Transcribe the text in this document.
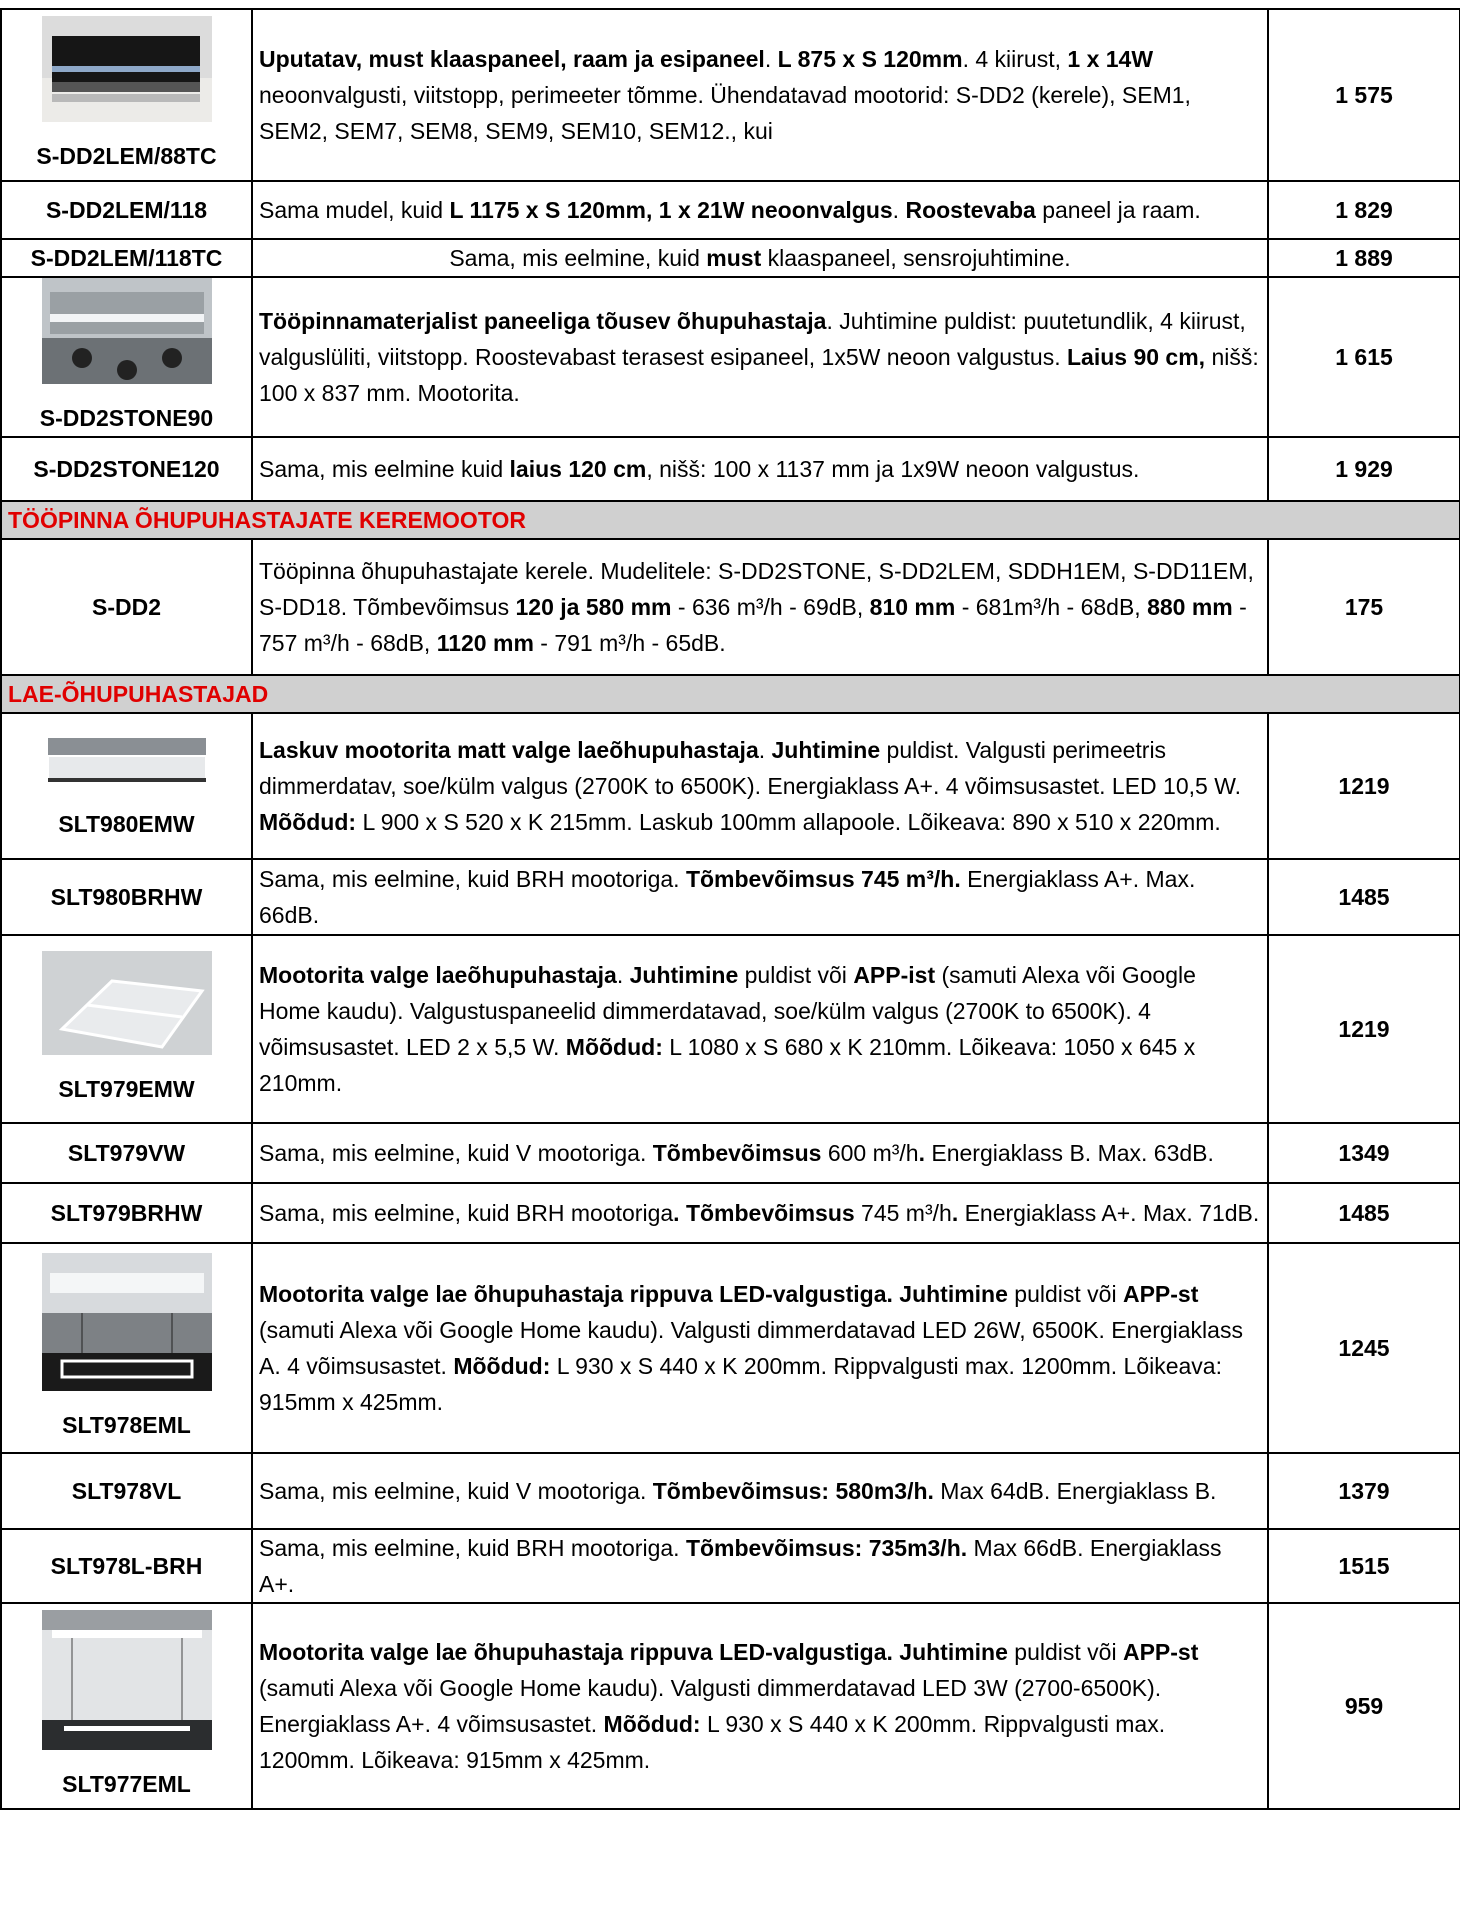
S-DD2LEM/88TC	Uputatav, must klaaspaneel, raam ja esipaneel. L 875 x S 120mm. 4 kiirust, 1 x 14W neoonvalgusti, viitstopp, perimeeter tõmme. Ühendatavad mootorid: S-DD2 (kerele), SEM1, SEM2, SEM7, SEM8, SEM9, SEM10, SEM12., kui	1 575
S-DD2LEM/118	Sama mudel, kuid L 1175 x S 120mm, 1 x 21W neoonvalgus. Roostevaba paneel ja raam.	1 829
S-DD2LEM/118TC	Sama, mis eelmine, kuid must klaaspaneel, sensrojuhtimine.	1 889

S-DD2STONE90	Tööpinnamaterjalist paneeliga tõusev õhupuhastaja. Juhtimine puldist: puutetundlik, 4 kiirust, valguslüliti, viitstopp. Roostevabast terasest esipaneel, 1x5W neoon valgustus. Laius 90 cm, nišš: 100 x 837 mm. Mootorita.	1 615
S-DD2STONE120	Sama, mis eelmine kuid laius 120 cm, nišš: 100 x 1137 mm ja 1x9W neoon valgustus.	1 929
TÖÖPINNA ÕHUPUHASTAJATE KEREMOOTOR		
S-DD2	Tööpinna õhupuhastajate kerele. Mudelitele: S-DD2STONE, S-DD2LEM, SDDH1EM, S-DD11EM, S-DD18. Tõmbevõimsus 120 ja 580 mm - 636 m³/h - 69dB, 810 mm - 681m³/h - 68dB, 880 mm - 757 m³/h - 68dB, 1120 mm - 791 m³/h - 65dB.	175
LAE-ÕHUPUHASTAJAD		

SLT980EMW	Laskuv mootorita matt valge laeõhupuhastaja. Juhtimine puldist. Valgusti perimeetris dimmerdatav, soe/külm valgus (2700K to 6500K). Energiaklass A+. 4 võimsusastet. LED 10,5 W. Mõõdud: L 900 x S 520 x K 215mm. Laskub 100mm allapoole. Lõikeava: 890 x 510 x 220mm.	1219
SLT980BRHW	Sama, mis eelmine, kuid BRH mootoriga. Tõmbevõimsus 745 m³/h. Energiaklass A+. Max. 66dB.	1485

SLT979EMW	Mootorita valge laeõhupuhastaja. Juhtimine puldist või APP-ist (samuti Alexa või Google Home kaudu). Valgustuspaneelid dimmerdatavad, soe/külm valgus (2700K to 6500K). 4 võimsusastet. LED 2 x 5,5 W. Mõõdud: L 1080 x S 680 x K 210mm. Lõikeava: 1050 x 645 x 210mm.	1219
SLT979VW	Sama, mis eelmine, kuid V mootoriga. Tõmbevõimsus 600 m³/h. Energiaklass B. Max. 63dB.	1349
SLT979BRHW	Sama, mis eelmine, kuid BRH mootoriga. Tõmbevõimsus 745 m³/h. Energiaklass A+. Max. 71dB.	1485

SLT978EML	Mootorita valge lae õhupuhastaja rippuva LED-valgustiga. Juhtimine puldist või APP-st (samuti Alexa või Google Home kaudu). Valgusti dimmerdatavad LED 26W, 6500K. Energiaklass A. 4 võimsusastet. Mõõdud: L 930 x S 440 x K 200mm. Rippvalgusti max. 1200mm. Lõikeava: 915mm x 425mm.	1245
SLT978VL	Sama, mis eelmine, kuid V mootoriga. Tõmbevõimsus: 580m3/h. Max 64dB. Energiaklass B.	1379
SLT978L-BRH	Sama, mis eelmine, kuid BRH mootoriga. Tõmbevõimsus: 735m3/h. Max 66dB. Energiaklass A+.	1515

SLT977EML	Mootorita valge lae õhupuhastaja rippuva LED-valgustiga. Juhtimine puldist või APP-st (samuti Alexa või Google Home kaudu). Valgusti dimmerdatavad LED 3W (2700-6500K). Energiaklass A+. 4 võimsusastet. Mõõdud: L 930 x S 440 x K 200mm. Rippvalgusti max. 1200mm. Lõikeava: 915mm x 425mm.	959
